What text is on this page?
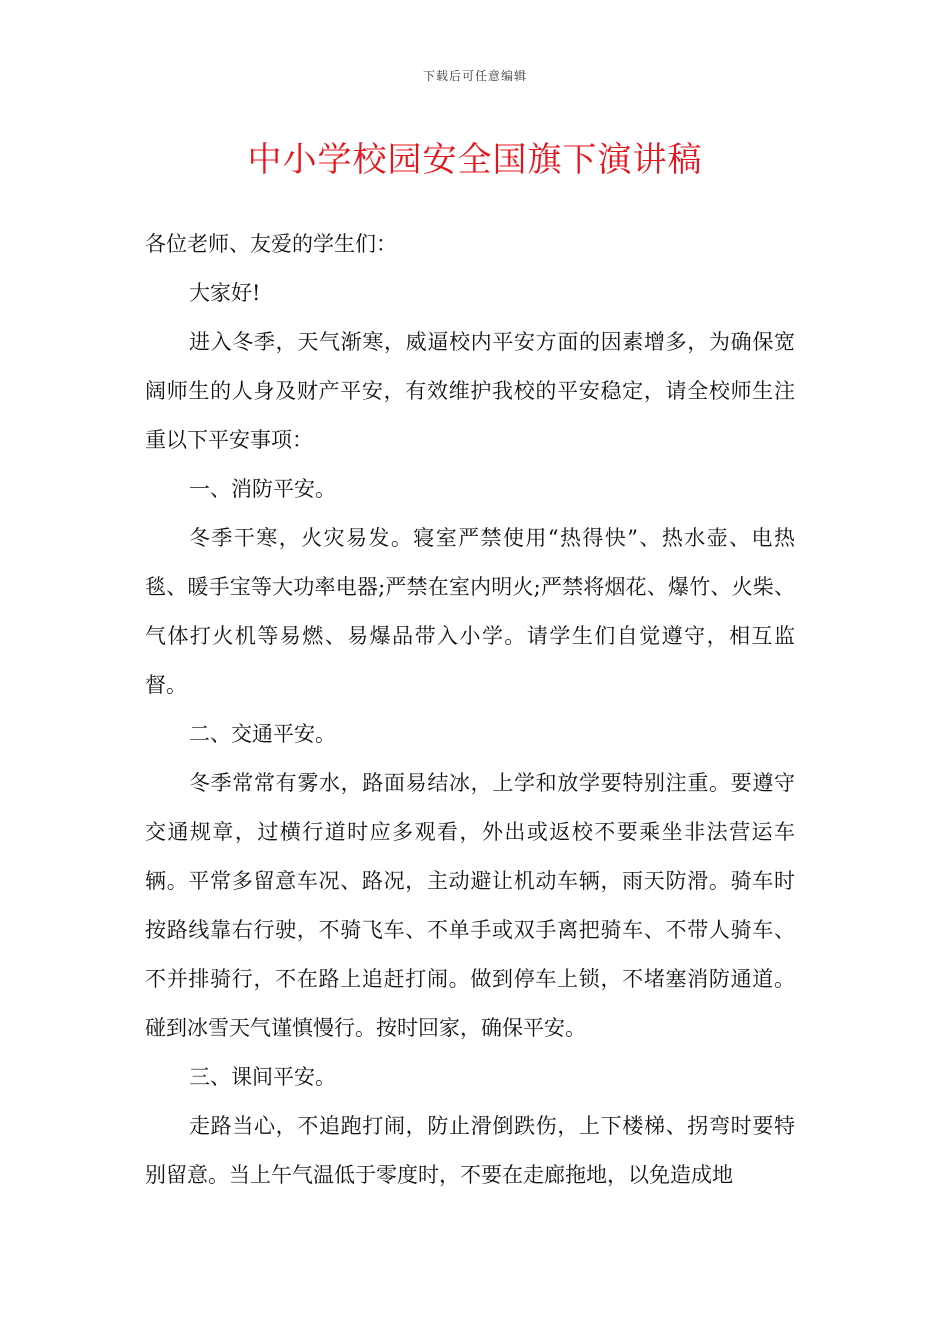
下载后可任意编辑
中小学校园安全国旗下演讲稿

各位老师、友爱的学生们：

大家好!

进入冬季，天气渐寒，威逼校内平安方面的因素增多，为确保宽阔师生的人身及财产平安，有效维护我校的平安稳定，请全校师生注重以下平安事项：

一、消防平安。

冬季干寒，火灾易发。寝室严禁使用“热得快”、热水壶、电热毯、暖手宝等大功率电器;严禁在室内明火;严禁将烟花、爆竹、火柴、气体打火机等易燃、易爆品带入小学。请学生们自觉遵守，相互监督。

二、交通平安。

冬季常常有雾水，路面易结冰，上学和放学要特别注重。要遵守交通规章，过横行道时应多观看，外出或返校不要乘坐非法营运车辆。平常多留意车况、路况，主动避让机动车辆，雨天防滑。骑车时按路线靠右行驶，不骑飞车、不单手或双手离把骑车、不带人骑车、不并排骑行，不在路上追赶打闹。做到停车上锁，不堵塞消防通道。碰到冰雪天气谨慎慢行。按时回家，确保平安。

三、课间平安。

走路当心，不追跑打闹，防止滑倒跌伤，上下楼梯、拐弯时要特别留意。当上午气温低于零度时，不要在走廊拖地，以免造成地
